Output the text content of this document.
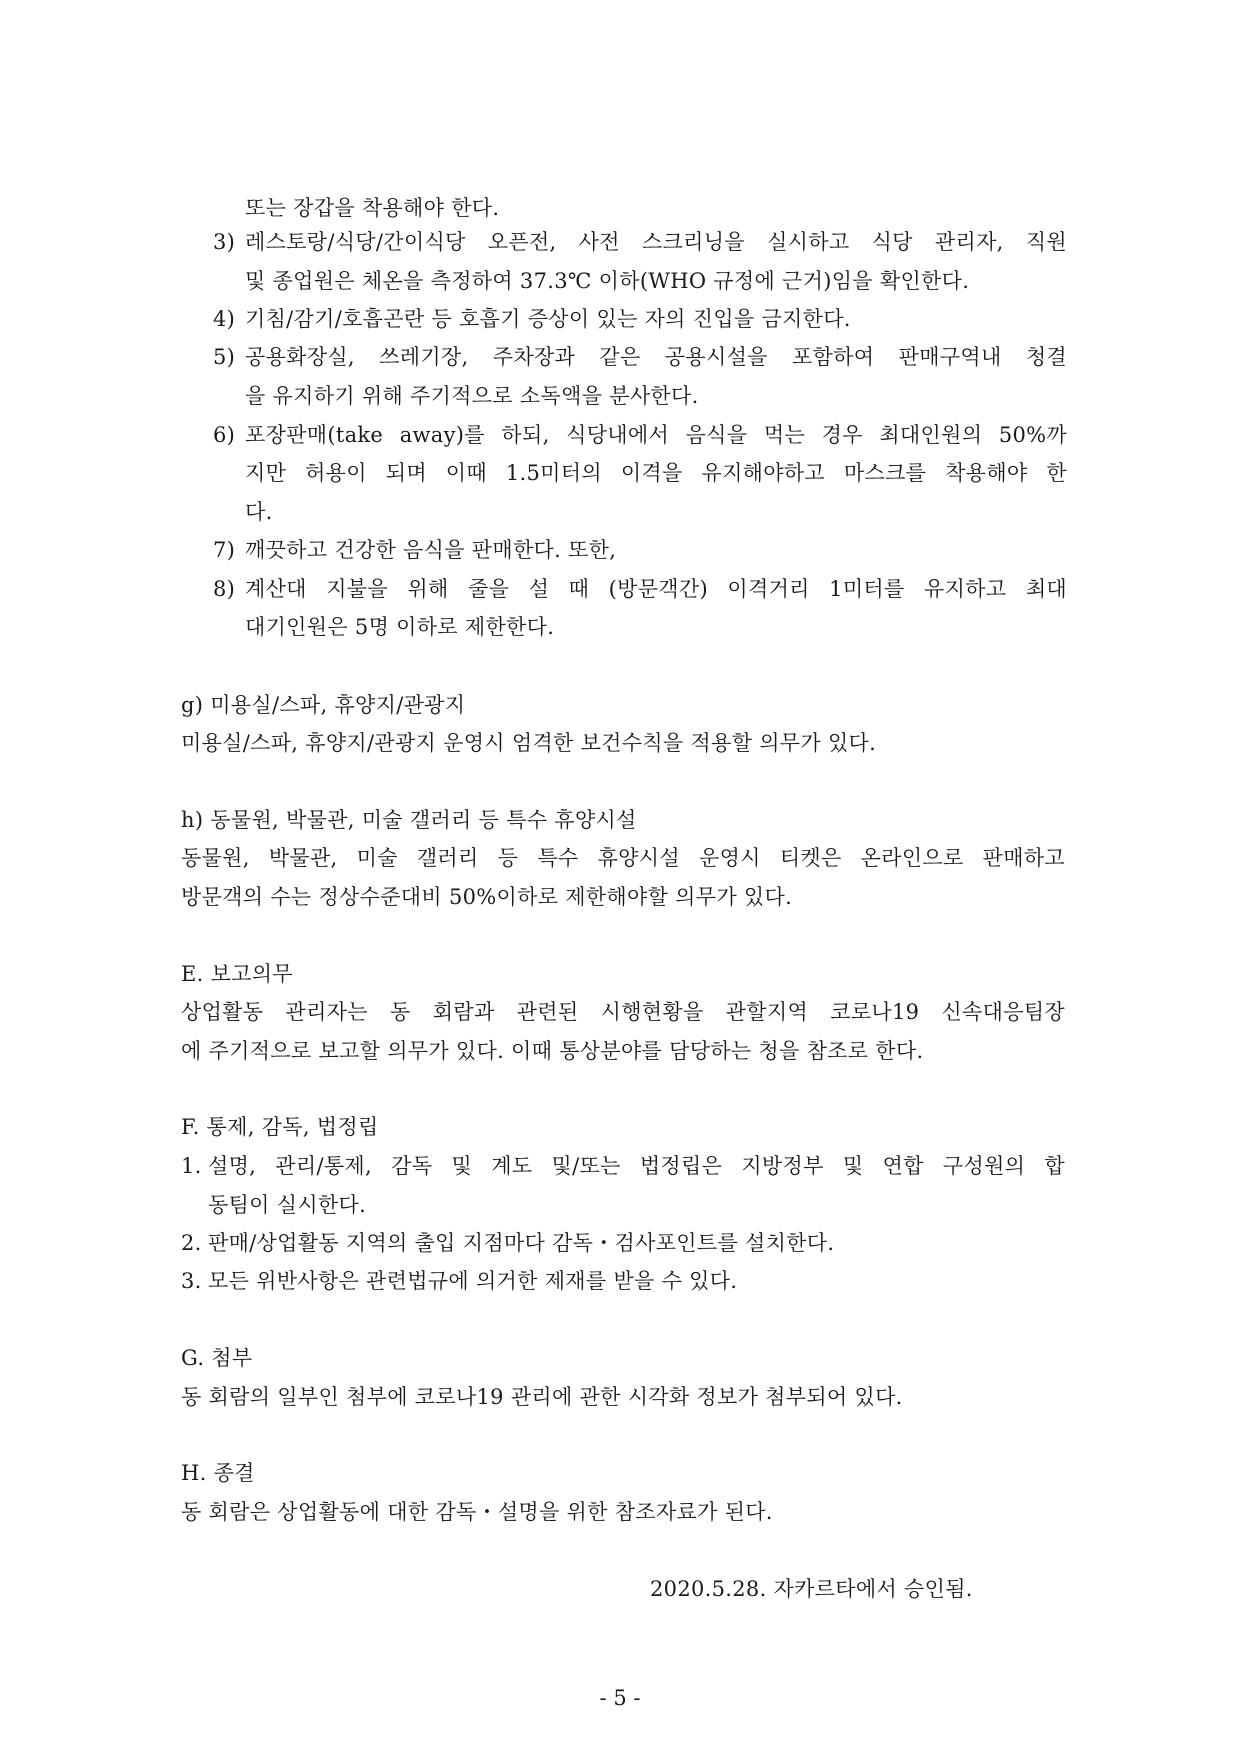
또는 장갑을 착용해야 한다.
3) 레스토랑/식당/간이식당 오픈전, 사전 스크리닝을 실시하고 식당 관리자, 직원
및 종업원은 체온을 측정하여 37.3℃ 이하(WHO 규정에 근거)임을 확인한다.
4) 기침/감기/호흡곤란 등 호흡기 증상이 있는 자의 진입을 금지한다.
5) 공용화장실, 쓰레기장, 주차장과 같은 공용시설을 포함하여 판매구역내 청결
을 유지하기 위해 주기적으로 소독액을 분사한다.
6) 포장판매(take away)를 하되, 식당내에서 음식을 먹는 경우 최대인원의 50%까
지만 허용이 되며 이때 1.5미터의 이격을 유지해야하고 마스크를 착용해야 한
다.
7) 깨끗하고 건강한 음식을 판매한다. 또한,
8) 계산대 지불을 위해 줄을 설 때 (방문객간) 이격거리 1미터를 유지하고 최대
대기인원은 5명 이하로 제한한다.
g) 미용실/스파, 휴양지/관광지
미용실/스파, 휴양지/관광지 운영시 엄격한 보건수칙을 적용할 의무가 있다.
h) 동물원, 박물관, 미술 갤러리 등 특수 휴양시설
동물원, 박물관, 미술 갤러리 등 특수 휴양시설 운영시 티켓은 온라인으로 판매하고
방문객의 수는 정상수준대비 50%이하로 제한해야할 의무가 있다.
E. 보고의무
상업활동 관리자는 동 회람과 관련된 시행현황을 관할지역 코로나19 신속대응팀장
에 주기적으로 보고할 의무가 있다. 이때 통상분야를 담당하는 청을 참조로 한다.
F. 통제, 감독, 법정립
1. 설명, 관리/통제, 감독 및 계도 및/또는 법정립은 지방정부 및 연합 구성원의 합
동팀이 실시한다.
2. 판매/상업활동 지역의 출입 지점마다 감독・검사포인트를 설치한다.
3. 모든 위반사항은 관련법규에 의거한 제재를 받을 수 있다.
G. 첨부
동 회람의 일부인 첨부에 코로나19 관리에 관한 시각화 정보가 첨부되어 있다.
H. 종결
동 회람은 상업활동에 대한 감독・설명을 위한 참조자료가 된다.
2020.5.28. 자카르타에서 승인됨.
- 5 -
